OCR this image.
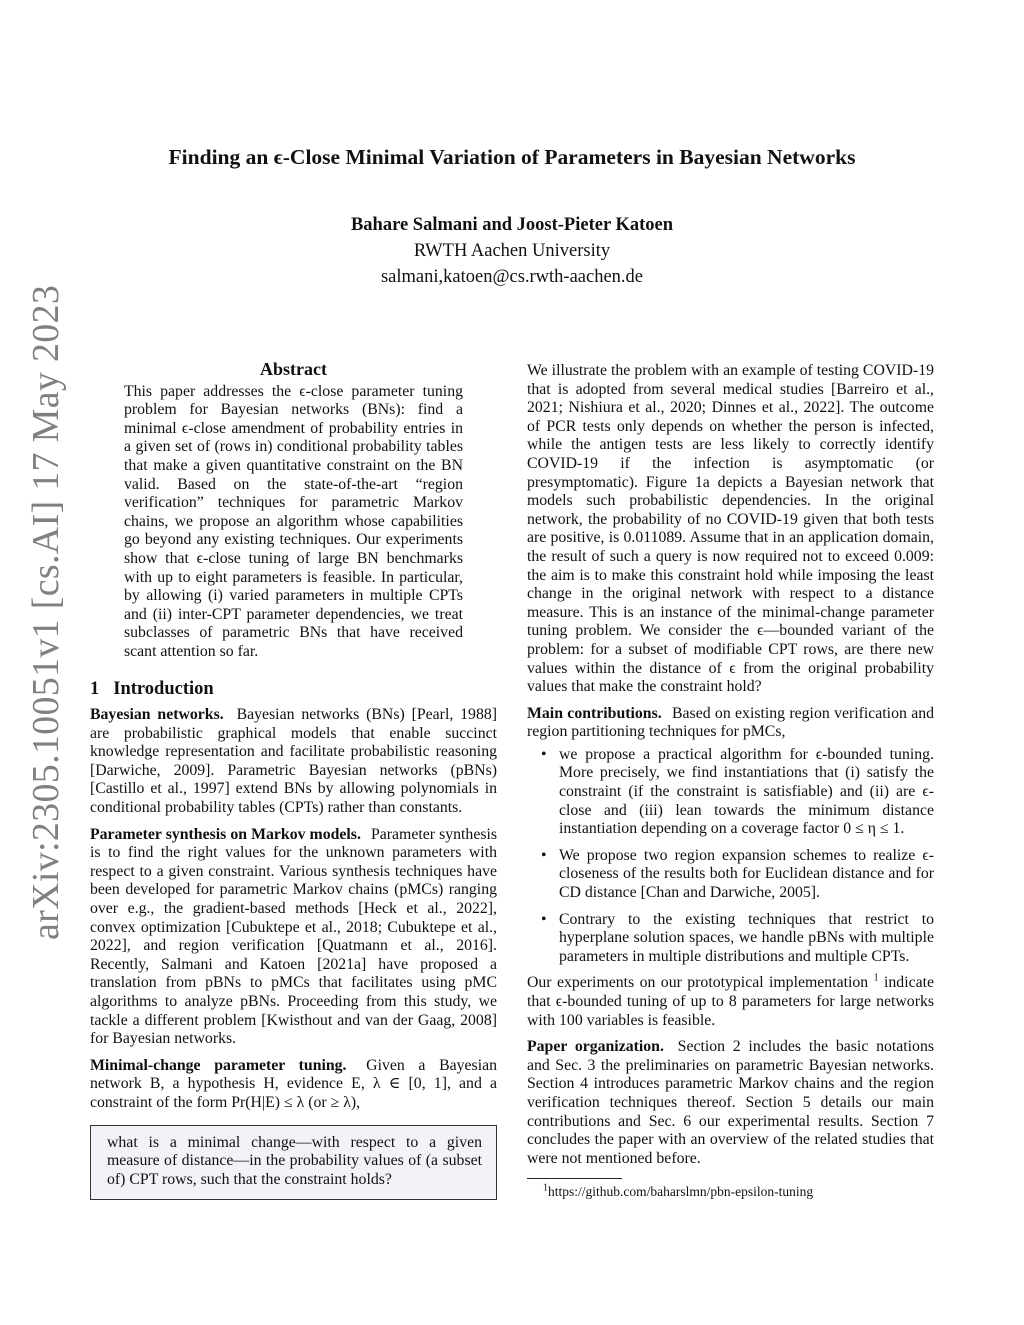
arXiv:2305.10051v1 [cs.AI] 17 May 2023
Finding an ϵ-Close Minimal Variation of Parameters in Bayesian Networks
Bahare Salmani and Joost-Pieter Katoen
RWTH Aachen University
salmani,katoen@cs.rwth-aachen.de
Abstract

This paper addresses the ϵ-close parameter tuning problem for Bayesian networks (BNs): find a minimal ϵ-close amendment of probability entries in a given set of (rows in) conditional probability tables that make a given quantitative constraint on the BN valid. Based on the state-of-the-art “region verification” techniques for parametric Markov chains, we propose an algorithm whose capabilities go beyond any existing techniques. Our experiments show that ϵ-close tuning of large BN benchmarks with up to eight parameters is feasible. In particular, by allowing (i) varied parameters in multiple CPTs and (ii) inter-CPT parameter dependencies, we treat subclasses of parametric BNs that have received scant attention so far.

1 Introduction

Bayesian networks. Bayesian networks (BNs) [Pearl, 1988] are probabilistic graphical models that enable succinct knowledge representation and facilitate probabilistic reasoning [Darwiche, 2009]. Parametric Bayesian networks (pBNs) [Castillo et al., 1997] extend BNs by allowing polynomials in conditional probability tables (CPTs) rather than constants.

Parameter synthesis on Markov models. Parameter synthesis is to find the right values for the unknown parameters with respect to a given constraint. Various synthesis techniques have been developed for parametric Markov chains (pMCs) ranging over e.g., the gradient-based methods [Heck et al., 2022], convex optimization [Cubuktepe et al., 2018; Cubuktepe et al., 2022], and region verification [Quatmann et al., 2016]. Recently, Salmani and Katoen [2021a] have proposed a translation from pBNs to pMCs that facilitates using pMC algorithms to analyze pBNs. Proceeding from this study, we tackle a different problem [Kwisthout and van der Gaag, 2008] for Bayesian networks.

Minimal-change parameter tuning. Given a Bayesian network B, a hypothesis H, evidence E, λ ∈ [0, 1], and a constraint of the form Pr(H|E) ≤ λ (or ≥ λ),

what is a minimal change—with respect to a given measure of distance—in the probability values of (a subset of) CPT rows, such that the constraint holds?

We illustrate the problem with an example of testing COVID-19 that is adopted from several medical studies [Barreiro et al., 2021; Nishiura et al., 2020; Dinnes et al., 2022]. The outcome of PCR tests only depends on whether the person is infected, while the antigen tests are less likely to correctly identify COVID-19 if the infection is asymptomatic (or presymptomatic). Figure 1a depicts a Bayesian network that models such probabilistic dependencies. In the original network, the probability of no COVID-19 given that both tests are positive, is 0.011089. Assume that in an application domain, the result of such a query is now required not to exceed 0.009: the aim is to make this constraint hold while imposing the least change in the original network with respect to a distance measure. This is an instance of the minimal-change parameter tuning problem. We consider the ϵ—bounded variant of the problem: for a subset of modifiable CPT rows, are there new values within the distance of ϵ from the original probability values that make the constraint hold?

Main contributions. Based on existing region verification and region partitioning techniques for pMCs,

• we propose a practical algorithm for ϵ-bounded tuning. More precisely, we find instantiations that (i) satisfy the constraint (if the constraint is satisfiable) and (ii) are ϵ-close and (iii) lean towards the minimum distance instantiation depending on a coverage factor 0 ≤ η ≤ 1.
• We propose two region expansion schemes to realize ϵ-closeness of the results both for Euclidean distance and for CD distance [Chan and Darwiche, 2005].
• Contrary to the existing techniques that restrict to hyperplane solution spaces, we handle pBNs with multiple parameters in multiple distributions and multiple CPTs.

Our experiments on our prototypical implementation $^1$ indicate that ϵ-bounded tuning of up to 8 parameters for large networks with 100 variables is feasible.

Paper organization. Section 2 includes the basic notations and Sec. 3 the preliminaries on parametric Bayesian networks. Section 4 introduces parametric Markov chains and the region verification techniques thereof. Section 5 details our main contributions and Sec. 6 our experimental results. Section 7 concludes the paper with an overview of the related studies that were not mentioned before.

$^1$https://github.com/baharslmn/pbn-epsilon-tuning
